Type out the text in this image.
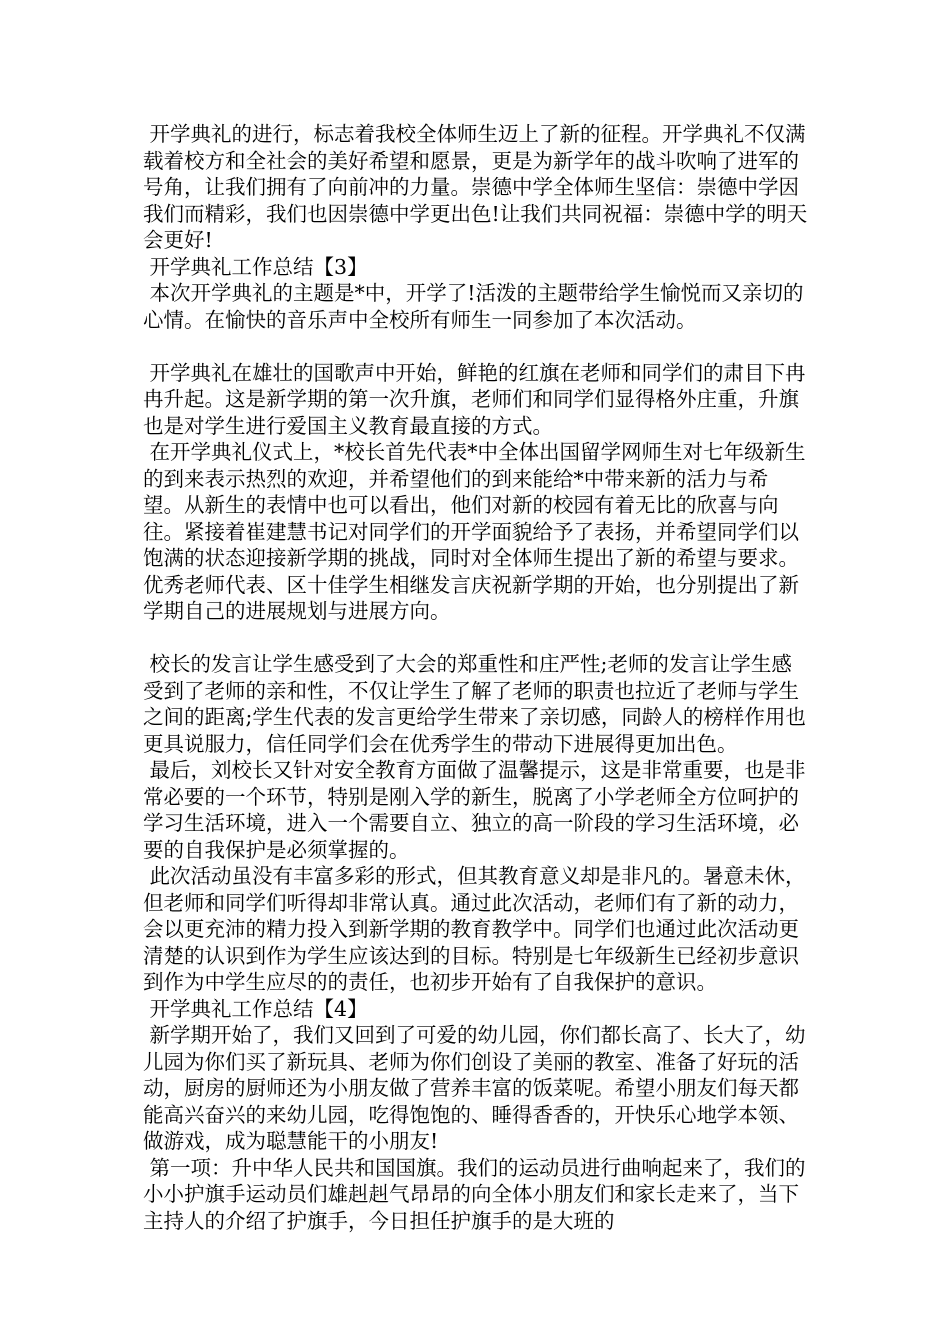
开学典礼的进行，标志着我校全体师生迈上了新的征程。开学典礼不仅满载着校方和全社会的美好希望和愿景，更是为新学年的战斗吹响了进军的号角，让我们拥有了向前冲的力量。崇德中学全体师生坚信：崇德中学因我们而精彩，我们也因崇德中学更出色!让我们共同祝福：崇德中学的明天会更好!

开学典礼工作总结【3】

本次开学典礼的主题是*中，开学了!活泼的主题带给学生愉悦而又亲切的心情。在愉快的音乐声中全校所有师生一同参加了本次活动。

开学典礼在雄壮的国歌声中开始，鲜艳的红旗在老师和同学们的肃目下冉冉升起。这是新学期的第一次升旗，老师们和同学们显得格外庄重，升旗也是对学生进行爱国主义教育最直接的方式。

在开学典礼仪式上，*校长首先代表*中全体出国留学网师生对七年级新生的到来表示热烈的欢迎，并希望他们的到来能给*中带来新的活力与希望。从新生的表情中也可以看出，他们对新的校园有着无比的欣喜与向往。紧接着崔建慧书记对同学们的开学面貌给予了表扬，并希望同学们以饱满的状态迎接新学期的挑战，同时对全体师生提出了新的希望与要求。优秀老师代表、区十佳学生相继发言庆祝新学期的开始，也分别提出了新学期自己的进展规划与进展方向。

校长的发言让学生感受到了大会的郑重性和庄严性;老师的发言让学生感受到了老师的亲和性，不仅让学生了解了老师的职责也拉近了老师与学生之间的距离;学生代表的发言更给学生带来了亲切感，同龄人的榜样作用也更具说服力，信任同学们会在优秀学生的带动下进展得更加出色。

最后，刘校长又针对安全教育方面做了温馨提示，这是非常重要，也是非常必要的一个环节，特别是刚入学的新生，脱离了小学老师全方位呵护的学习生活环境，进入一个需要自立、独立的高一阶段的学习生活环境，必要的自我保护是必须掌握的。

此次活动虽没有丰富多彩的形式，但其教育意义却是非凡的。暑意未休，但老师和同学们听得却非常认真。通过此次活动，老师们有了新的动力，会以更充沛的精力投入到新学期的教育教学中。同学们也通过此次活动更清楚的认识到作为学生应该达到的目标。特别是七年级新生已经初步意识到作为中学生应尽的的责任，也初步开始有了自我保护的意识。

开学典礼工作总结【4】

新学期开始了，我们又回到了可爱的幼儿园，你们都长高了、长大了，幼儿园为你们买了新玩具、老师为你们创设了美丽的教室、准备了好玩的活动，厨房的厨师还为小朋友做了营养丰富的饭菜呢。希望小朋友们每天都能高兴奋兴的来幼儿园，吃得饱饱的、睡得香香的，开快乐心地学本领、做游戏，成为聪慧能干的小朋友!

第一项：升中华人民共和国国旗。我们的运动员进行曲响起来了，我们的小小护旗手运动员们雄赳赳气昂昂的向全体小朋友们和家长走来了，当下主持人的介绍了护旗手，今日担任护旗手的是大班的
